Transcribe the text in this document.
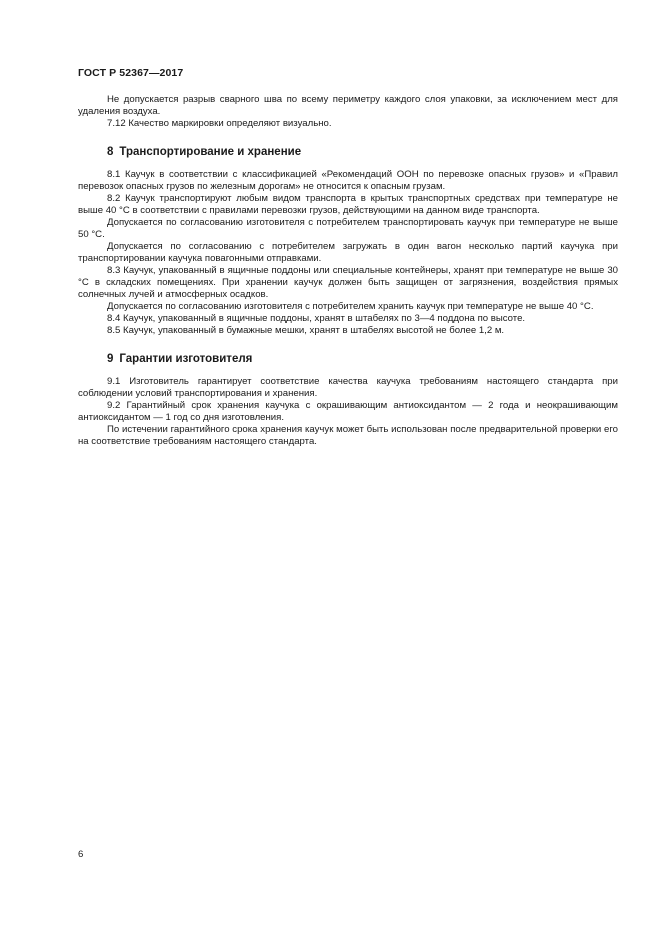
ГОСТ Р 52367—2017

Не допускается разрыв сварного шва по всему периметру каждого слоя упаковки, за исключением мест для удаления воздуха.

7.12 Качество маркировки определяют визуально.

8 Транспортирование и хранение

8.1 Каучук в соответствии с классификацией «Рекомендаций ООН по перевозке опасных грузов» и «Правил перевозок опасных грузов по железным дорогам» не относится к опасным грузам.

8.2 Каучук транспортируют любым видом транспорта в крытых транспортных средствах при температуре не выше 40 °С в соответствии с правилами перевозки грузов, действующими на данном виде транспорта.

Допускается по согласованию изготовителя с потребителем транспортировать каучук при температуре не выше 50 °С.

Допускается по согласованию с потребителем загружать в один вагон несколько партий каучука при транспортировании каучука повагонными отправками.

8.3 Каучук, упакованный в ящичные поддоны или специальные контейнеры, хранят при температуре не выше 30 °С в складских помещениях. При хранении каучук должен быть защищен от загрязнения, воздействия прямых солнечных лучей и атмосферных осадков.

Допускается по согласованию изготовителя с потребителем хранить каучук при температуре не выше 40 °С.

8.4 Каучук, упакованный в ящичные поддоны, хранят в штабелях по 3—4 поддона по высоте.

8.5 Каучук, упакованный в бумажные мешки, хранят в штабелях высотой не более 1,2 м.

9 Гарантии изготовителя

9.1 Изготовитель гарантирует соответствие качества каучука требованиям настоящего стандарта при соблюдении условий транспортирования и хранения.

9.2 Гарантийный срок хранения каучука с окрашивающим антиоксидантом — 2 года и неокрашивающим антиоксидантом — 1 год со дня изготовления.

По истечении гарантийного срока хранения каучук может быть использован после предварительной проверки его на соответствие требованиям настоящего стандарта.

6
